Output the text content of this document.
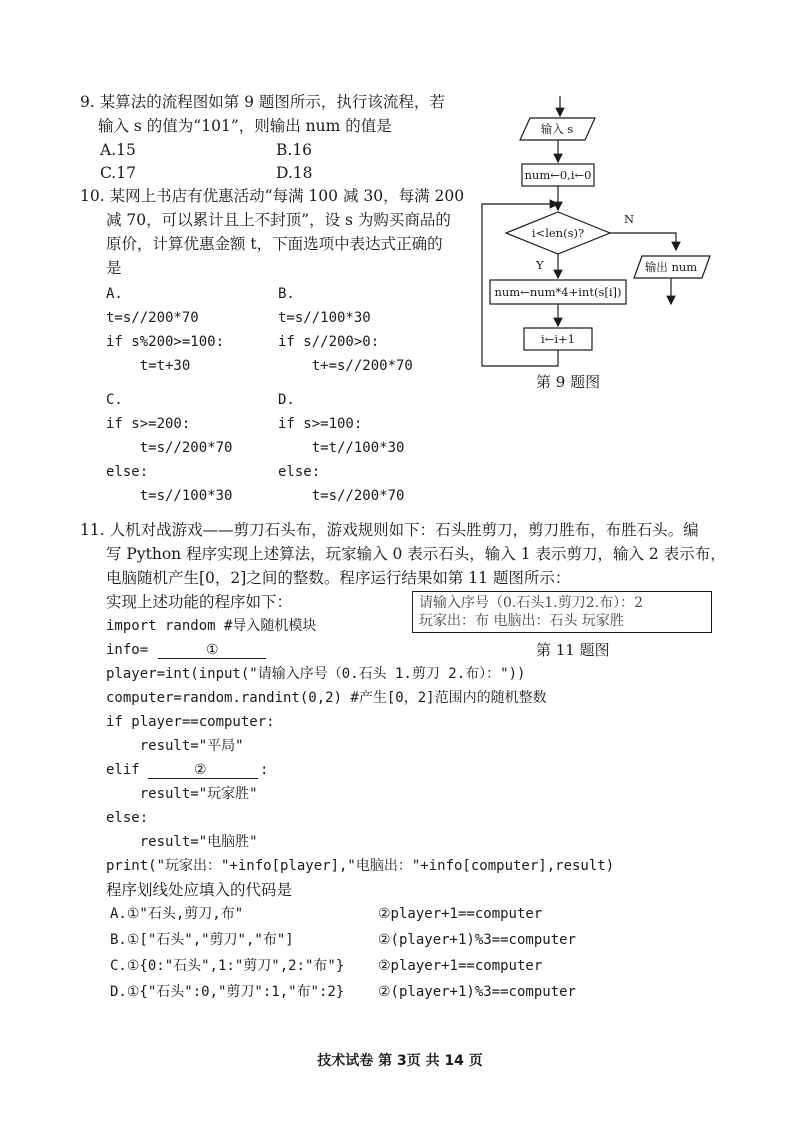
9. 某算法的流程图如第 9 题图所示，执行该流程，若
输入 s 的值为“101”，则输出 num 的值是
A.15	B.16
C.17	D.18
10. 某网上书店有优惠活动“每满 100 减 30，每满 200
减 70，可以累计且上不封顶”，设 s 为购买商品的
原价，计算优惠金额 t，下面选项中表达式正确的
是
A.
t=s//200*70
if s%200>=100:
t=t+30
B.
t=s//100*30
if s//200>0:
t+=s//200*70
C.
if s>=200:
t=s//200*70
else:
t=s//100*30
D.
if s>=100:
t=t//100*30
else:
t=s//200*70
输入 s
num←0,i←0
i<len(s)?
N
输出 num
Y
num←num*4+int(s[i])
i←i+1
第 9 题图
11. 人机对战游戏——剪刀石头布，游戏规则如下：石头胜剪刀，剪刀胜布，布胜石头。编
写 Python 程序实现上述算法，玩家输入 0 表示石头，输入 1 表示剪刀，输入 2 表示布，
电脑随机产生[0，2]之间的整数。程序运行结果如第 11 题图所示：
实现上述功能的程序如下：	请输入序号（0.石头1.剪刀2.布）：2
玩家出：布 电脑出：石头 玩家胜
第 11 题图
import random #导入随机模块
info=	①
player=int(input("请输入序号（0.石头 1.剪刀 2.布）："))
computer=random.randint(0,2) #产生[0，2]范围内的随机整数
if player==computer:
result="平局"
elif	②	:
result="玩家胜"
else:
result="电脑胜"
print("玩家出："+info[player],"电脑出："+info[computer],result)
程序划线处应填入的代码是
A.①"石头,剪刀,布"	②player+1==computer
B.①["石头","剪刀","布"]	②(player+1)%3==computer
C.①{0:"石头",1:"剪刀",2:"布"} ②player+1==computer
D.①{"石头":0,"剪刀":1,"布":2} ②(player+1)%3==computer
技术试卷 第 3页 共 14 页
